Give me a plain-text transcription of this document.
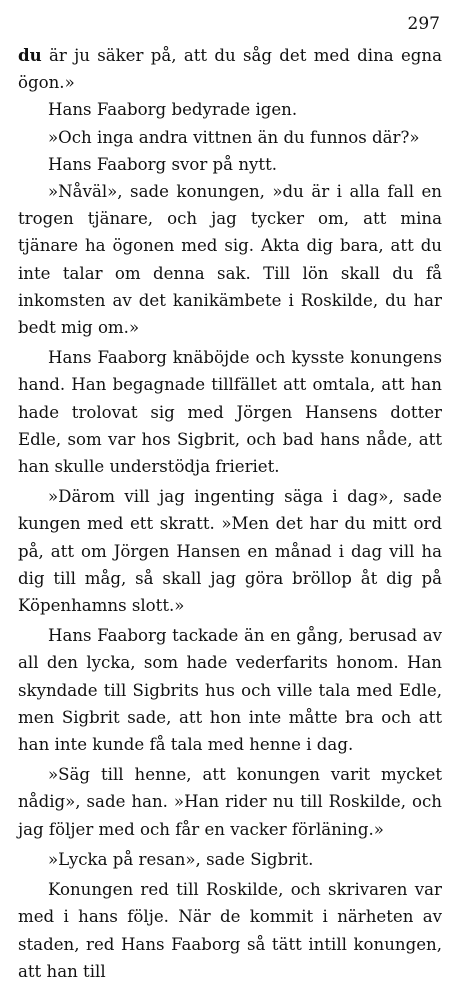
297

du är ju säker på, att du såg det med dina egna ögon.»

Hans Faaborg bedyrade igen.

»Och inga andra vittnen än du funnos där?»

Hans Faaborg svor på nytt.

»Nåväl», sade konungen, »du är i alla fall en trogen tjänare, och jag tycker om, att mina tjänare ha ögonen med sig. Akta dig bara, att du inte talar om denna sak. Till lön skall du få inkomsten av det kanikämbete i Roskilde, du har bedt mig om.»

Hans Faaborg knäböjde och kysste konungens hand. Han begagnade tillfället att omtala, att han hade trolovat sig med Jörgen Hansens dotter Edle, som var hos Sigbrit, och bad hans nåde, att han skulle understödja frieriet.

»Därom vill jag ingenting säga i dag», sade kungen med ett skratt. »Men det har du mitt ord på, att om Jörgen Hansen en månad i dag vill ha dig till måg, så skall jag göra bröllop åt dig på Köpenhamns slott.»

Hans Faaborg tackade än en gång, berusad av all den lycka, som hade vederfarits honom. Han skyndade till Sigbrits hus och ville tala med Edle, men Sigbrit sade, att hon inte måtte bra och att han inte kunde få tala med henne i dag.

»Säg till henne, att konungen varit mycket nådig», sade han. »Han rider nu till Roskilde, och jag följer med och får en vacker förläning.»

»Lycka på resan», sade Sigbrit.

Konungen red till Roskilde, och skrivaren var med i hans följe. När de kommit i närheten av staden, red Hans Faaborg så tätt intill konungen, att han till
